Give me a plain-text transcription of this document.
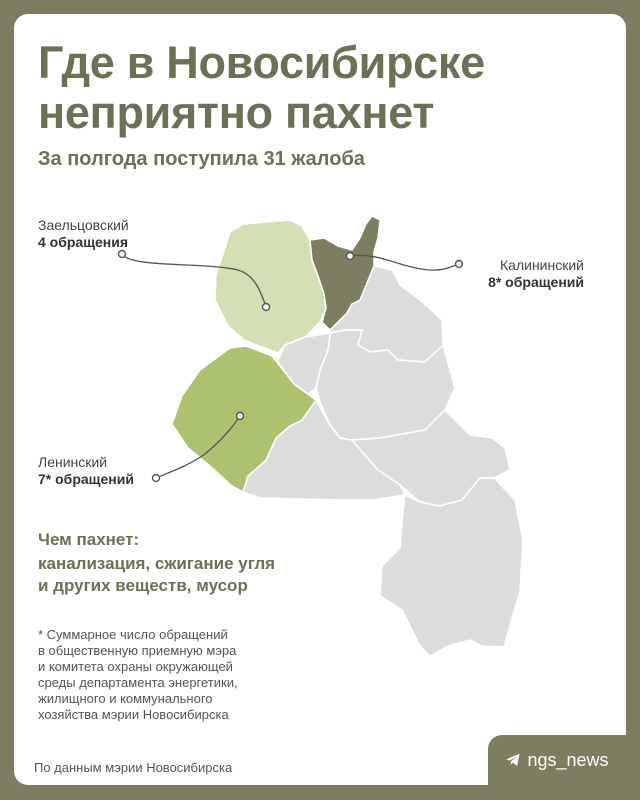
Где в Новосибирске
неприятно пахнет

За полгода поступила 31 жалоба

Заельцовский
4 обращения
Калининский
8* обращений
Ленинский
7* обращений
Чем пахнет:
канализация, сжигание угля
и других веществ, мусор
* Суммарное число обращений
в общественную приемную мэра
и комитета охраны окружающей
среды департамента энергетики,
жилищного и коммунального
хозяйства мэрии Новосибирска
По данным мэрии Новосибирска	ngs_news
